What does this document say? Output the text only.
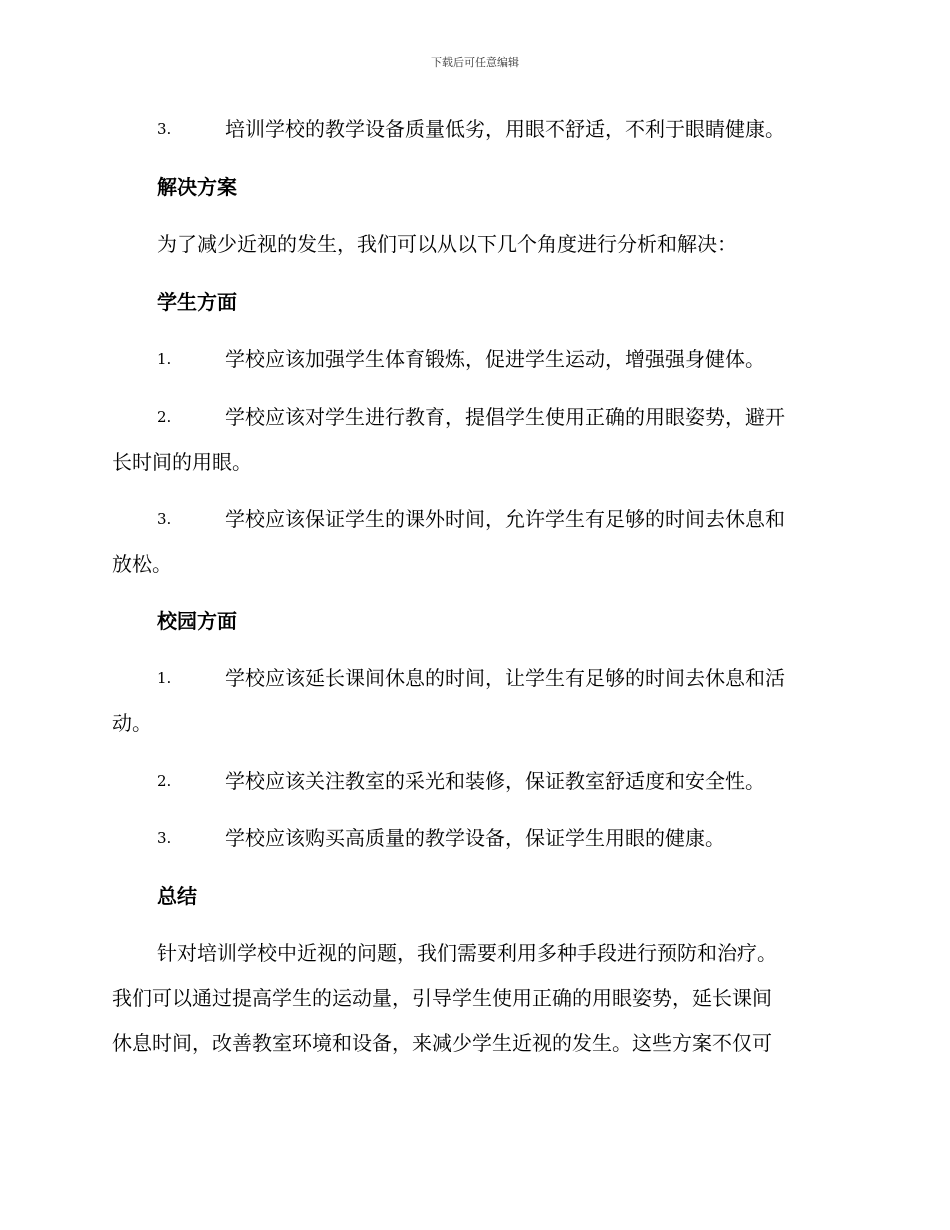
下载后可任意编辑
3.	培训学校的教学设备质量低劣，用眼不舒适，不利于眼睛健康。
解决方案
为了减少近视的发生，我们可以从以下几个角度进行分析和解决：
学生方面
1.	学校应该加强学生体育锻炼，促进学生运动，增强强身健体。
2.	学校应该对学生进行教育，提倡学生使用正确的用眼姿势，避开
长时间的用眼。
3.	学校应该保证学生的课外时间，允许学生有足够的时间去休息和
放松。
校园方面
1.	学校应该延长课间休息的时间，让学生有足够的时间去休息和活
动。
2.	学校应该关注教室的采光和装修，保证教室舒适度和安全性。
3.	学校应该购买高质量的教学设备，保证学生用眼的健康。
总结
针对培训学校中近视的问题，我们需要利用多种手段进行预防和治疗。
我们可以通过提高学生的运动量，引导学生使用正确的用眼姿势，延长课间
休息时间，改善教室环境和设备，来减少学生近视的发生。这些方案不仅可
